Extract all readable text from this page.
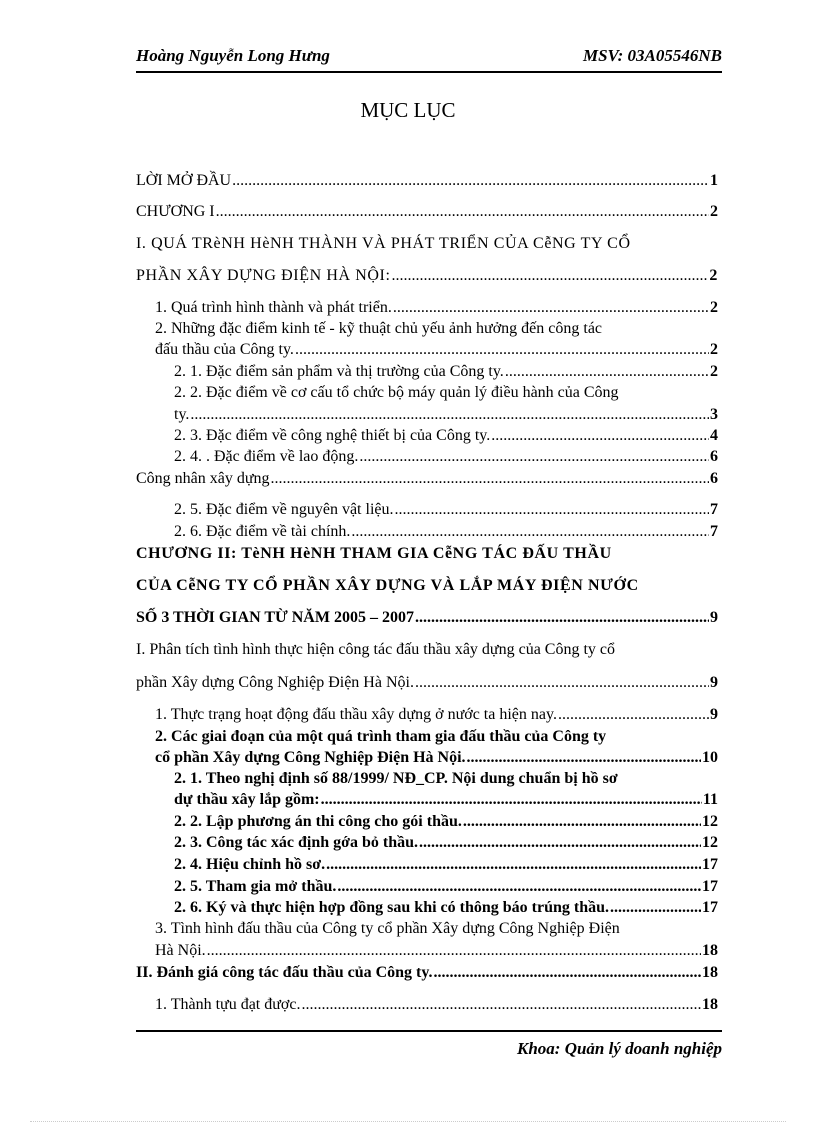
Hoàng Nguyễn Long Hưng	MSV: 03A05546NB
MỤC LỤC
LỜI MỞ ĐẦU .....	1
CHƯƠNG I .....	2
I. QUÁ TRèNH HèNH THÀNH VÀ PHÁT TRIỂN CỦA CễNG TY CỔ
PHẦN XÂY DỰNG ĐIỆN HÀ NỘI: .....	2
1. Quá trình hình thành và phát triển. .....	2
2. Những đặc điểm kinh tế - kỹ thuật chủ yếu ảnh hưởng đến công tác
đấu thầu của Công ty. .....	2
2. 1. Đặc điểm sản phẩm và thị trường của Công ty. .....	2
2. 2. Đặc điểm về cơ cấu tổ chức bộ máy quản lý điều hành của Công
ty. .....	3
2. 3. Đặc điểm về công nghệ thiết bị của Công ty. .....	4
2. 4. . Đặc điểm về lao động. .....	6
Công nhân xây dựng .....	6
2. 5. Đặc điểm về nguyên vật liệu. .....	7
2. 6. Đặc điểm về tài chính. .....	7
CHƯƠNG II: TèNH HèNH THAM GIA CễNG TÁC ĐẤU THẦU
CỦA CễNG TY CỔ PHẦN XÂY DỰNG VÀ LẮP MÁY ĐIỆN NƯỚC
SỐ 3 THỜI GIAN TỪ NĂM 2005 – 2007 .....	9
I. Phân tích tình hình thực hiện công tác đấu thầu xây dựng của Công ty cổ
phần Xây dựng Công Nghiệp Điện Hà Nội. .....	9
1. Thực trạng hoạt động đấu thầu xây dựng ở nước ta hiện nay. .....	9
2. Các giai đoạn của một quá trình tham gia đấu thầu của Công ty
cổ phần Xây dựng Công Nghiệp Điện Hà Nội. .....	10
2. 1. Theo nghị định số 88/1999/ NĐ_CP. Nội dung chuẩn bị hồ sơ
dự thầu xây lắp gồm: .....	11
2. 2. Lập phương án thi công cho gói thầu. .....	12
2. 3. Công tác xác định gớa bỏ thầu. .....	12
2. 4. Hiệu chỉnh hồ sơ. .....	17
2. 5. Tham gia mở thầu. .....	17
2. 6. Ký và thực hiện hợp đồng sau khi có thông báo trúng thầu. .....	17
3. Tình hình đấu thầu của Công ty cổ phần Xây dựng Công Nghiệp Điện
Hà Nội. .....	18
II. Đánh giá công tác đấu thầu của Công ty. .....	18
1. Thành tựu đạt được. .....	18
Khoa: Quản lý doanh nghiệp
